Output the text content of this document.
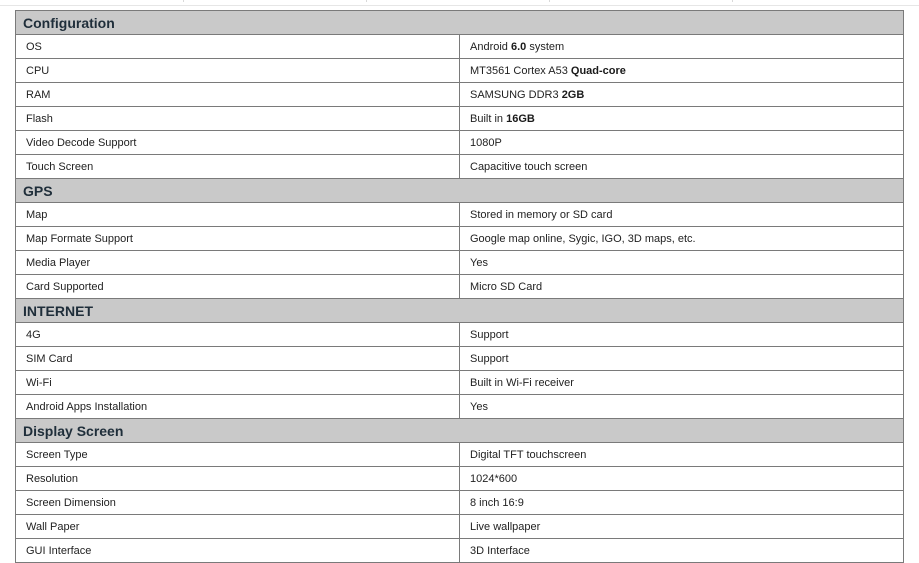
Configuration	
OS	Android 6.0 system
CPU	MT3561 Cortex A53 Quad-core
RAM	SAMSUNG DDR3 2GB
Flash	Built in 16GB
Video Decode Support	1080P
Touch Screen	Capacitive touch screen
GPS	
Map	Stored in memory or SD card
Map Formate Support	Google map online, Sygic, IGO, 3D maps, etc.
Media Player	Yes
Card Supported	Micro SD Card
INTERNET	
4G	Support
SIM Card	Support
Wi-Fi	Built in Wi-Fi receiver
Android Apps Installation	Yes
Display Screen	
Screen Type	Digital TFT touchscreen
Resolution	1024*600
Screen Dimension	8 inch 16:9
Wall Paper	Live wallpaper
GUI Interface	3D Interface
